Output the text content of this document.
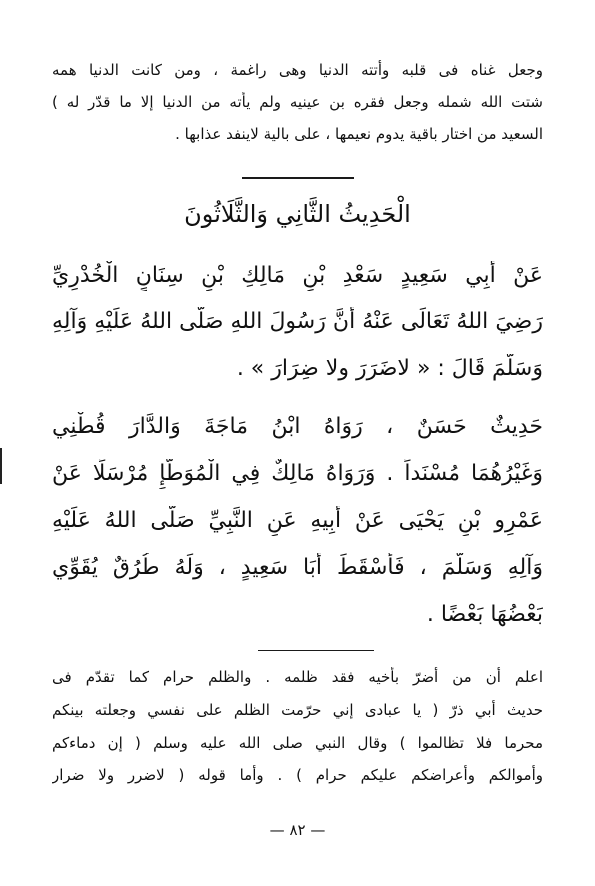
وجعل غناه فى قلبه وأتته الدنيا وهى راغمة ، ومن كانت الدنيا همه
شتت الله شمله وجعل فقره بن عينيه ولم يأته من الدنيا إلا ما قدّر له )
السعيد من اختار باقية يدوم نعيمها ، على بالية لاينفد عذابها .
الْحَدِيثُ الثَّانِي وَالثَّلَاثُونَ
عَنْ أَبِي سَعِيدٍ سَعْدِ بْنِ مَالِكِ بْنِ سِنَانٍ الْخُدْرِيِّ
رَضِيَ اللهُ تَعَالَى عَنْهُ أَنَّ رَسُولَ اللهِ صَلَّى اللهُ عَلَيْهِ وَآلِهِ
وَسَلَّمَ قَالَ : « لاضَرَرَ ولا ضِرَارَ » .
حَدِيثٌ حَسَنٌ ، رَوَاهُ ابْنُ مَاجَةَ وَالدَّارَ قُطْنِي
وَغَيْرُهُمَا مُسْنَداً . وَرَوَاهُ مَالِكٌ فِي الْمُوَطَّإِ مُرْسَلًا عَنْ
عَمْرِو بْنِ يَحْيَى عَنْ أَبِيهِ عَنِ النَّبِيِّ صَلَّى اللهُ عَلَيْهِ
وَآلِهِ وَسَلَّمَ ، فَأَسْقَطَ أَبَا سَعِيدٍ ، وَلَهُ طُرُقٌ يُقَوِّي
بَعْضُهَا بَعْضًا .
اعلم أن من أضرّ بأخيه فقد ظلمه . والظلم حرام كما تقدّم فى
حديث أبي ذرّ ( يا عبادى إني حرّمت الظلم على نفسي وجعلته بينكم
محرما فلا تظالموا ) وقال النبي صلى الله عليه وسلم ( إن دماءكم
وأموالكم وأعراضكم عليكم حرام ) . وأما قوله ( لاضرر ولا ضرار
— ٨٢ —
